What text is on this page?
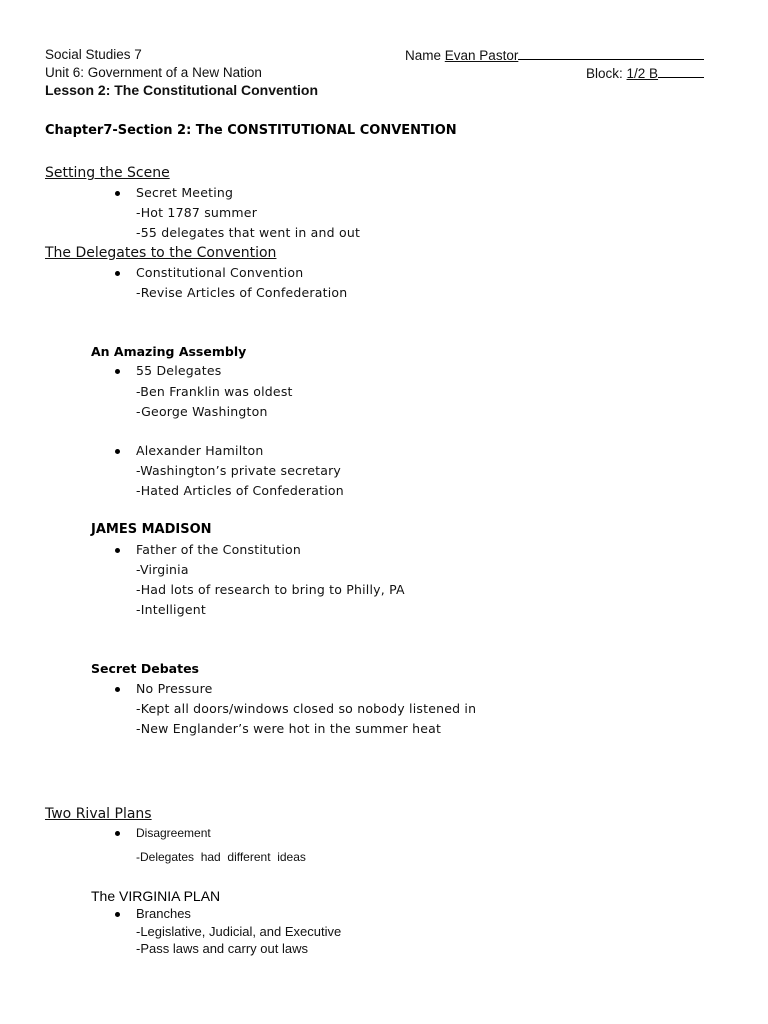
Social Studies 7
Unit 6: Government of a New Nation
Lesson 2: The Constitutional Convention
Name Evan Pastor
Block: 1/2 B
Chapter7-Section 2: The CONSTITUTIONAL CONVENTION
Setting the Scene
Secret Meeting
-Hot 1787 summer
-55 delegates that went in and out
The Delegates to the Convention
Constitutional Convention
-Revise Articles of Confederation
An Amazing Assembly
55 Delegates
-Ben Franklin was oldest
-George Washington
Alexander Hamilton
-Washington’s private secretary
-Hated Articles of Confederation
JAMES MADISON
Father of the Constitution
-Virginia
-Had lots of research to bring to Philly, PA
-Intelligent
Secret Debates
No Pressure
-Kept all doors/windows closed so nobody listened in
-New Englander’s were hot in the summer heat
Two Rival Plans
Disagreement
-Delegates  had  different  ideas
The VIRGINIA PLAN
Branches
-Legislative, Judicial, and Executive
-Pass laws and carry out laws
